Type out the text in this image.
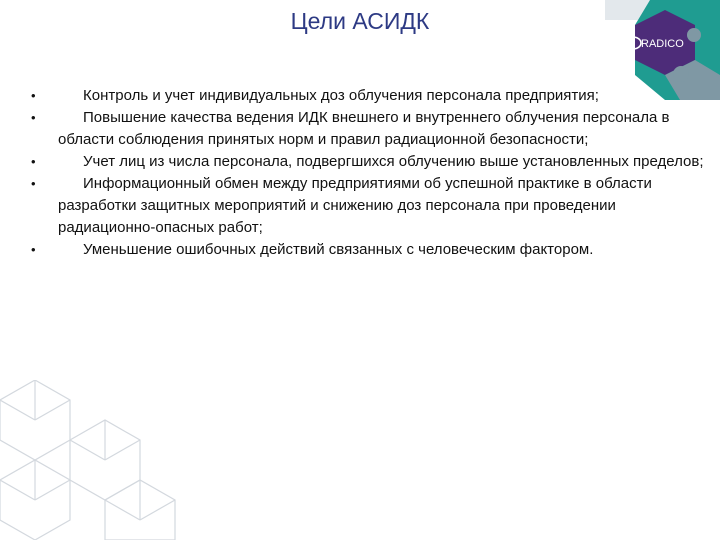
Цели АСИДК
RADICO
•	Контроль и учет индивидуальных доз облучения персонала предприятия;
•	Повышение качества ведения ИДК внешнего и внутреннего облучения персонала в области соблюдения принятых норм и правил радиационной безопасности;
•	Учет лиц из числа персонала, подвергшихся облучению выше установленных пределов;
•	Информационный обмен между предприятиями об успешной практике в области разработки защитных мероприятий и снижению доз персонала при проведении радиационно-опасных работ;
•	Уменьшение ошибочных действий связанных с человеческим фактором.
